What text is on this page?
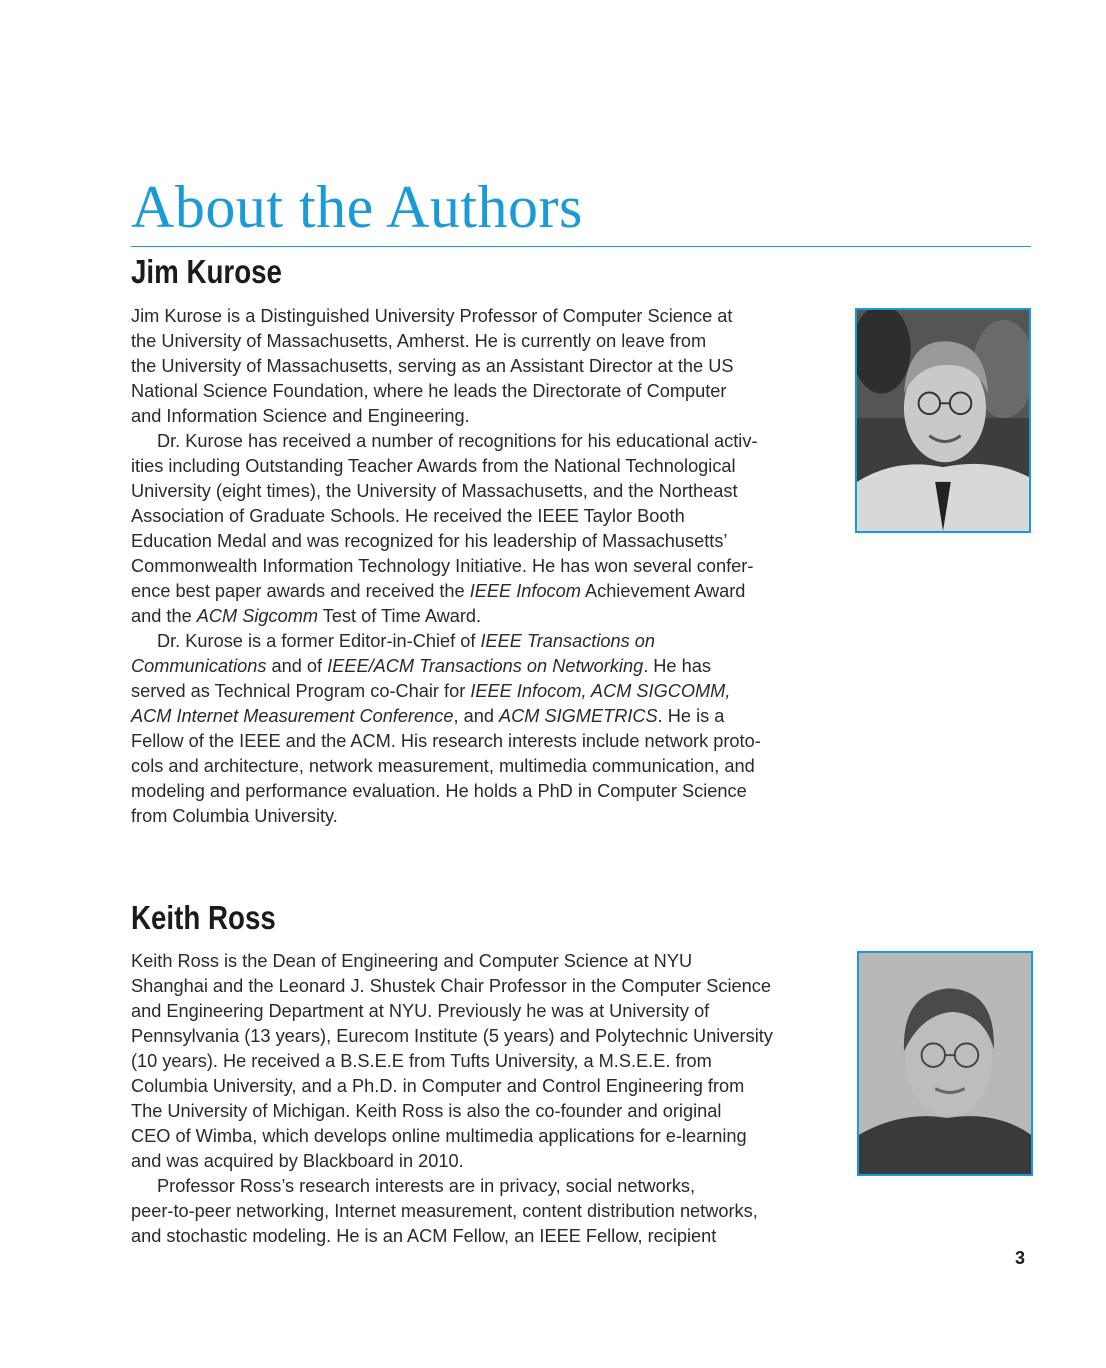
About the Authors
Jim Kurose
Jim Kurose is a Distinguished University Professor of Computer Science at
the University of Massachusetts, Amherst. He is currently on leave from
the University of Massachusetts, serving as an Assistant Director at the US
National Science Foundation, where he leads the Directorate of Computer
and Information Science and Engineering.
Dr. Kurose has received a number of recognitions for his educational activ-
ities including Outstanding Teacher Awards from the National Technological
University (eight times), the University of Massachusetts, and the Northeast
Association of Graduate Schools. He received the IEEE Taylor Booth
Education Medal and was recognized for his leadership of Massachusetts’
Commonwealth Information Technology Initiative. He has won several confer-
ence best paper awards and received the IEEE Infocom Achievement Award
and the ACM Sigcomm Test of Time Award.
Dr. Kurose is a former Editor-in-Chief of IEEE Transactions on
Communications and of IEEE/ACM Transactions on Networking. He has
served as Technical Program co-Chair for IEEE Infocom, ACM SIGCOMM,
ACM Internet Measurement Conference, and ACM SIGMETRICS. He is a
Fellow of the IEEE and the ACM. His research interests include network proto-
cols and architecture, network measurement, multimedia communication, and
modeling and performance evaluation. He holds a PhD in Computer Science
from Columbia University.
Keith Ross
Keith Ross is the Dean of Engineering and Computer Science at NYU
Shanghai and the Leonard J. Shustek Chair Professor in the Computer Science
and Engineering Department at NYU. Previously he was at University of
Pennsylvania (13 years), Eurecom Institute (5 years) and Polytechnic University
(10 years). He received a B.S.E.E from Tufts University, a M.S.E.E. from
Columbia University, and a Ph.D. in Computer and Control Engineering from
The University of Michigan. Keith Ross is also the co-founder and original
CEO of Wimba, which develops online multimedia applications for e-learning
and was acquired by Blackboard in 2010.
Professor Ross’s research interests are in privacy, social networks,
peer-to-peer networking, Internet measurement, content distribution networks,
and stochastic modeling. He is an ACM Fellow, an IEEE Fellow, recipient

3
